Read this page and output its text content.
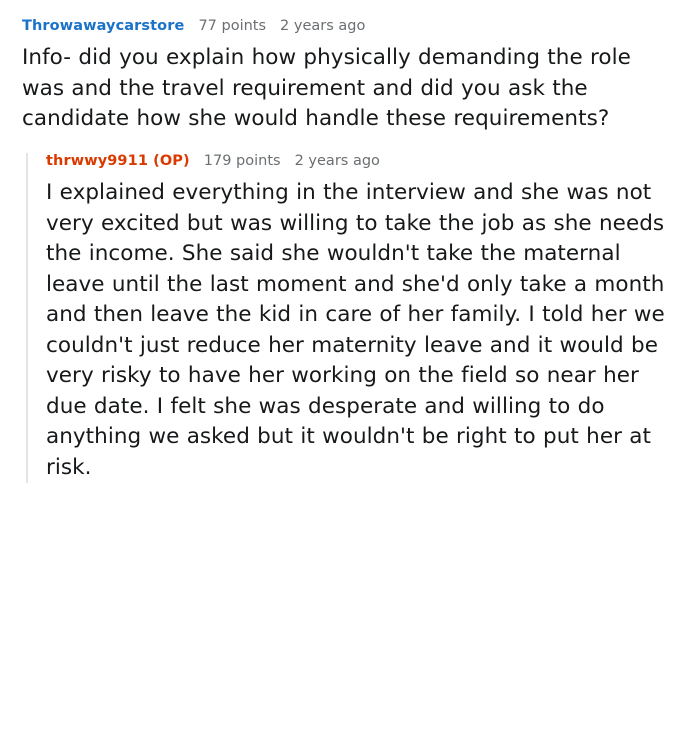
Throwawaycarstore 77 points 2 years ago
Info- did you explain how physically demanding the role was and the travel requirement and did you ask the candidate how she would handle these requirements?
thrwwy9911 (OP) 179 points 2 years ago
I explained everything in the interview and she was not very excited but was willing to take the job as she needs the income. She said she wouldn't take the maternal leave until the last moment and she'd only take a month and then leave the kid in care of her family. I told her we couldn't just reduce her maternity leave and it would be very risky to have her working on the field so near her due date. I felt she was desperate and willing to do anything we asked but it wouldn't be right to put her at risk.
